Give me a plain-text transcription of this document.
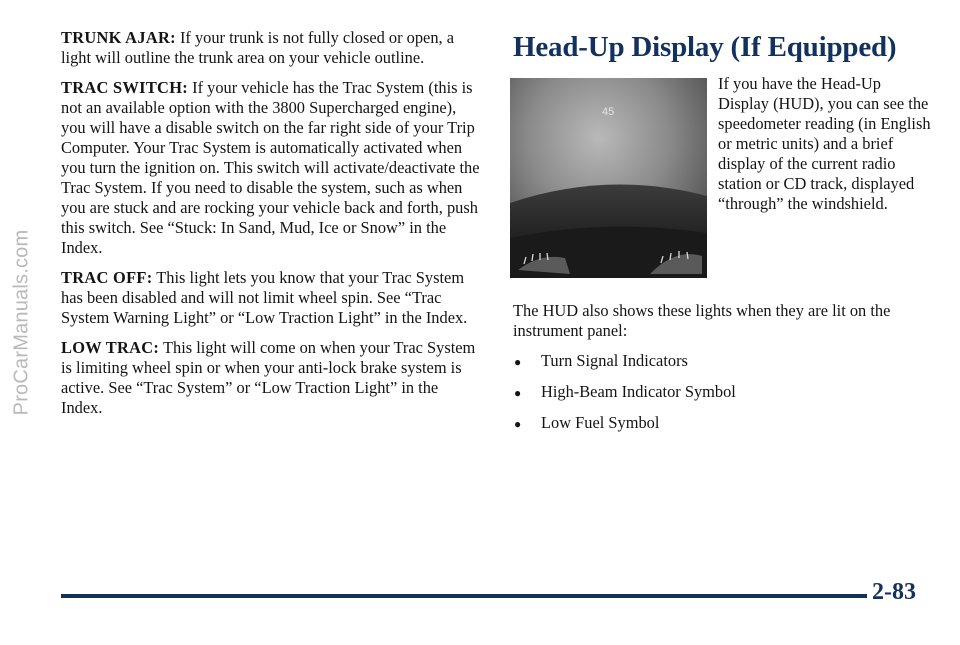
ProCarManuals.com

TRUNK AJAR: If your trunk is not fully closed or open, a light will outline the trunk area on your vehicle outline.

TRAC SWITCH: If your vehicle has the Trac System (this is not an available option with the 3800 Supercharged engine), you will have a disable switch on the far right side of your Trip Computer. Your Trac System is automatically activated when you turn the ignition on. This switch will activate/deactivate the Trac System. If you need to disable the system, such as when you are stuck and are rocking your vehicle back and forth, push this switch. See “Stuck: In Sand, Mud, Ice or Snow” in the Index.

TRAC OFF: This light lets you know that your Trac System has been disabled and will not limit wheel spin. See “Trac System Warning Light” or “Low Traction Light” in the Index.

LOW TRAC: This light will come on when your Trac System is limiting wheel spin or when your anti-lock brake system is active. See “Trac System” or “Low Traction Light” in the Index.

Head-Up Display (If Equipped)
45

If you have the Head-Up Display (HUD), you can see the speedometer reading (in English or metric units) and a brief display of the current radio station or CD track, displayed “through” the windshield.

The HUD also shows these lights when they are lit on the instrument panel:

●	Turn Signal Indicators
●	High-Beam Indicator Symbol
●	Low Fuel Symbol
2-83
